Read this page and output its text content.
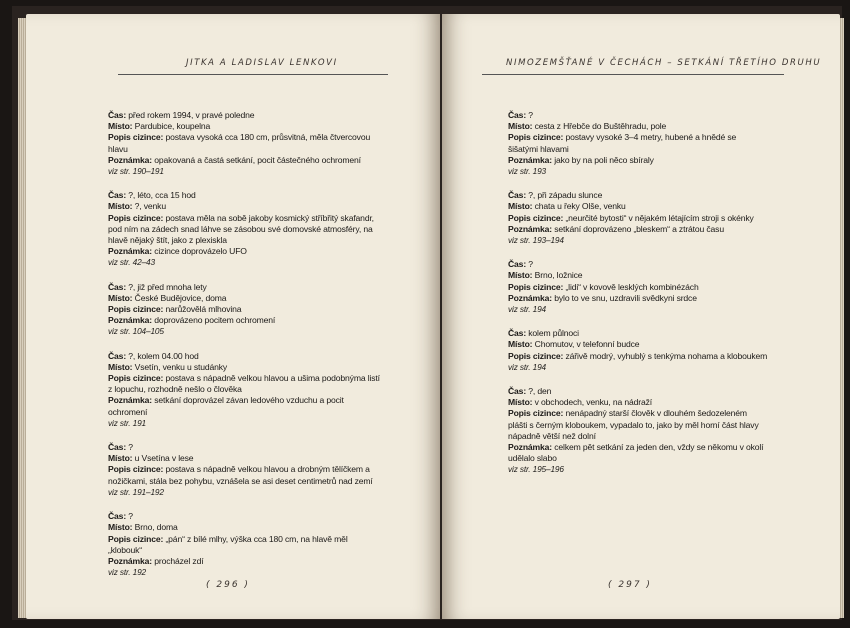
JITKA A LADISLAV LENKOVI
Čas: před rokem 1994, v pravé poledne
Místo: Pardubice, koupelna
Popis cizince: postava vysoká cca 180 cm, průsvitná, měla čtvercovou hlavu
Poznámka: opakovaná a častá setkání, pocit částečného ochromení
viz str. 190–191
Čas: ?, léto, cca 15 hod
Místo: ?, venku
Popis cizince: postava měla na sobě jakoby kosmický stříbřitý skafandr, pod ním na zádech snad láhve se zásobou své domovské atmosféry, na hlavě nějaký štít, jako z plexiskla
Poznámka: cizince doprovázelo UFO
viz str. 42–43
Čas: ?, již před mnoha lety
Místo: České Budějovice, doma
Popis cizince: narůžovělá mlhovina
Poznámka: doprovázeno pocitem ochromení
viz str. 104–105
Čas: ?, kolem 04.00 hod
Místo: Vsetín, venku u studánky
Popis cizince: postava s nápadně velkou hlavou a ušima podobnýma listí z lopuchu, rozhodně nešlo o člověka
Poznámka: setkání doprovázel závan ledového vzduchu a pocit ochromení
viz str. 191
Čas: ?
Místo: u Vsetína v lese
Popis cizince: postava s nápadně velkou hlavou a drobným tělíčkem a nožičkami, stála bez pohybu, vznášela se asi deset centimetrů nad zemí
viz str. 191–192
Čas: ?
Místo: Brno, doma
Popis cizince: „pán“ z bílé mlhy, výška cca 180 cm, na hlavě měl „klobouk“
Poznámka: procházel zdí
viz str. 192
( 296 )
NIMOZEMŠŤANÉ V ČECHÁCH – SETKÁNÍ TŘETÍHO DRUHU
Čas: ?
Místo: cesta z Hřebče do Buštěhradu, pole
Popis cizince: postavy vysoké 3–4 metry, hubené a hnědé se šišatými hlavami
Poznámka: jako by na poli něco sbíraly
viz str. 193
Čas: ?, při západu slunce
Místo: chata u řeky Olše, venku
Popis cizince: „neurčité bytosti“ v nějakém létajícím stroji s okénky
Poznámka: setkání doprovázeno „bleskem“ a ztrátou času
viz str. 193–194
Čas: ?
Místo: Brno, ložnice
Popis cizince: „lidi“ v kovově lesklých kombinézách
Poznámka: bylo to ve snu, uzdravili svědkyni srdce
viz str. 194
Čas: kolem půlnoci
Místo: Chomutov, v telefonní budce
Popis cizince: zářivě modrý, vyhublý s tenkýma nohama a kloboukem
viz str. 194
Čas: ?, den
Místo: v obchodech, venku, na nádraží
Popis cizince: nenápadný starší člověk v dlouhém šedozeleném plášti s černým kloboukem, vypadalo to, jako by měl horní část hlavy nápadně větší než dolní
Poznámka: celkem pět setkání za jeden den, vždy se někomu v okolí udělalo slabo
viz str. 195–196
( 297 )
